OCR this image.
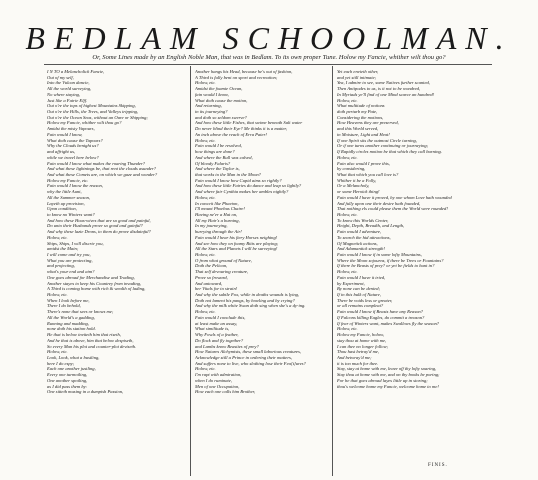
BEDLAM SCHOOLMAN.
Or, Some Lines made by an English Noble Man, that was in Bedlam. To its own proper Tune. Holow my Fancie, whither wilt thou go?
I N TO a Melancholick Fancie,
Out of my self,
Into the Vulcan dancie,
All the world surveying,
No where staying,
Just like a Fairie Elff.
Out o're the tops of highest Mountains Skipping,
Out o're the Hills, the Trees, and Valleys tripping,
Out o're the Ocean Seas, without an Oare or Shipping;
Holow my Fancie, whither wilt thou go?
Amidst the misty Vapours,
Fain would I know,
What doth cause the Tapours?
Why the Clouds benight us?
and affright us,
while we travel here below?
Fain would I know what makes the roaring Thunder?
And what these lightnings be, that rent the clouds asunder?
And what these Comets are, on which we gaze and wonder?
Holow my Fancie, etc.
Fain would I know the reason,
why the little Aunt,
All the Summer season,
Layeth up provision,
Upon condition,
to know no Winters want?
And how these Hous-wives that are so good and painful,
Do unto their Husbands prove so good and gainful?
And why these lazie Drons, to them do prove disdainful?
Holow, etc.
Ships, Ships, I will discrie you,
amidst the Main;
I will come and try you,
What you are protecting,
and projecting,
what's your end and aim?
One goes abroad for Merchandise and Trading,
Another stayes to keep his Countrey from invading,
A Third is coming home with rich & wealth of lading,
Holow, etc.
When I look before me,
There I do behold,
There's none that sees or knows me;
All the World's a gadding,
Running and madding,
none doth his station hold.
He that is below inviteth him that riseth,
And he that is above, him that below despiseth,
So every Man his plot and counter-plot deviseth.
Holow, etc.
Look, Look, what a bustling,
here I do espy;
Each one another justling,
Every one turmoiling,
One another spoiling,
as I did pass them by:
One sitteth musing in a dumpish Passion,
Another hangs his Head, because he's out of fashion,
A Third is fully bent on sport and recreation;
Holow, etc.
Amidst the foamie Ocean,
fain would I know,
What doth cause the motion,
And returning,
in its journeying?
and doth so seldom swerve?
And how these little Fishes, that swime beneath Salt water
Do never blind their Eye? Me thinks it is a matter,
An inch above the reach of Erra Pater!
Holow, etc.
Fain would I be resolved,
how things are done?
And where the Bull was calved,
Of bloody Falaris?
And where the Taylor is,
that works to the Man in the Moon?
Fain would I know how Cupid aims so rightly?
And how these little Fairies do dance and leap so lightly?
And where fair Cynthia makes her ambles nightly?
Holow, etc.
In conceit like Phaeton,
I'll mount Phoebus Chaire!
Having ne'er a Hat on,
All my Hair's a burning,
In my journeying,
hurrying through the Air!
Fain would I hear his fiery Horses neighing!
And see how they on foamy Bitts are playing;
All the Stars and Planets I will be surveying!
Holow, etc.
O from what ground of Nature,
Doth the Pelican,
That self devouring creature,
Prove so froward,
And untoward,
her Vitals for to strain!
And why the subtle Fox, while in deaths wounds is lying,
Doth not lament his pangs, by howling and by crying?
And why the milk white Swan doth sing when she's a dy-ing.
Holow, etc.
Fain would I conclude this,
at least make an assay,
What similitude is,
Why Fowls of a feather,
Do flock and fly together?
and Lambs know Beasties of prey?
How Natures Alchymists, these small laborious creatures,
Acknowledge still a Prince in ordering their matters,
And suffers none to live, who slothing lose their Fea[t]ures?
Holow, etc.
I'm rapt with admiration,
when I do ruminate,
Men of one Occupation,
How each one calls him Brother,
Yet each envieth other,
and yet still intimate;
Yea, I admire to see, some Natives further scanted,
Then Antipodes to us, is it not to be wondred,
In Myriads ye'll find of one Mind scarce an hundred!
Holow, etc.
What multitude of notions
doth perturb my Pate,
Considering the motions,
How Heavens they are preserved,
and this World served,
in Moisture, Light and Heat!
If one Spirit sits the outmost Circle turning,
Or if one turns another continuing or journeying;
If Rapidly circles motion be that which they call burning.
Holow, etc.
Fain also would I prove this,
by considering,
What that which you call love is?
Whither it be a Folly,
Or a Melancholy,
or some Heroick thing!
Fain would I have it proved, by one whom Love hath wounded
And fully upon one their desire hath founded,
That nothing els could please them the World were rounded!
Holow, etc.
To know this Worlds Center,
Height, Depth, Breadth, and Length,
Fain would I adventure,
To search the hid attractions,
Of Magnetick actions,
And Adamantick strength!
Fain would I know if in some lofty Mountains,
Where the Moon sojourns, if there be Trees or Fountains?
If there be Beasts of prey? or yet be fields to hunt in?
Holow, etc.
Fain would I have it tried,
by Experiment,
By none can be denied;
If in this bulk of Nature,
There be voids less or greater,
or all remains compleat?
Fain would I know if Beasts have any Reason?
If Falcons killing Eagles, do commit a treason?
If fear of Winters want, makes Swallows fly the season?
Holow, etc.
Holow my Fancie, holow,
stay thou at home with me,
I can thee no longer follow;
Thou hast betray'd me,
And betwray'd me;
it is too much for thee.
Stay, stay at home with me, leave off thy lofty soaring,
Stay thou at home with me, and on thy books be poring;
For he that goes abroad layes little up in storing;
thou's welcome home my Fancie, welcome home to me!
FINIS.
